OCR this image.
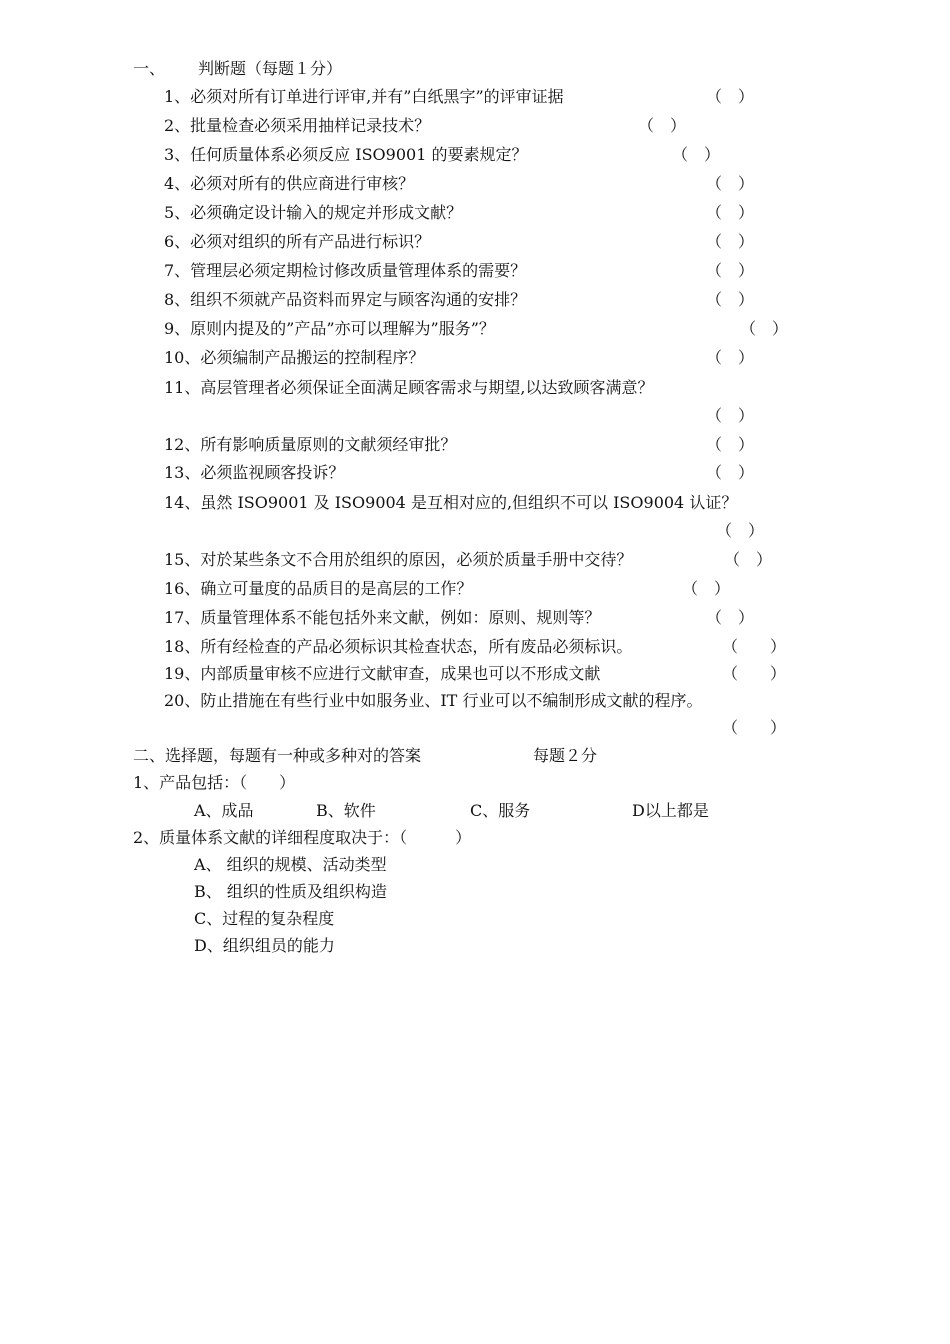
一、 判断题（每题１分）
1、必须对所有订单进行评审,并有”白纸黑字”的评审证据	（　）
2、批量检查必须采用抽样记录技术？	（　）
3、任何质量体系必须反应 ISO9001 的要素规定？	（　）
4、必须对所有的供应商进行审核？	（　）
5、必须确定设计输入的规定并形成文献？	（　）
6、必须对组织的所有产品进行标识？	（　）
7、管理层必须定期检讨修改质量管理体系的需要？	（　）
8、组织不须就产品资料而界定与顾客沟通的安排？	（　）
9、原则内提及的”产品”亦可以理解为”服务”？	（　）
10、必须编制产品搬运的控制程序？	（　）
11、高层管理者必须保证全面满足顾客需求与期望,以达致顾客满意？
（　）
12、所有影响质量原则的文献须经审批？	（　）
13、必须监视顾客投诉？	（　）
14、虽然 ISO9001 及 ISO9004 是互相对应的,但组织不可以 ISO9004 认证？
（　）
15、对於某些条文不合用於组织的原因，必须於质量手册中交待？	（　）
16、确立可量度的品质目的是高层的工作？	（　）
17、质量管理体系不能包括外来文献，例如：原则、规则等？	（　）
18、所有经检查的产品必须标识其检查状态，所有废品必须标识。	（　　）
19、内部质量审核不应进行文献审查，成果也可以不形成文献	（　　）
20、防止措施在有些行业中如服务业、IT 行业可以不编制形成文献的程序。
（　　）
二、选择题，每题有一种或多种对的答案	每题２分
1、产品包括：（　　）
A、成品	B、软件	C、服务	D以上都是
2、质量体系文献的详细程度取决于：（　　　）
A、 组织的规模、活动类型
B、 组织的性质及组织构造
C、过程的复杂程度
D、组织组员的能力
